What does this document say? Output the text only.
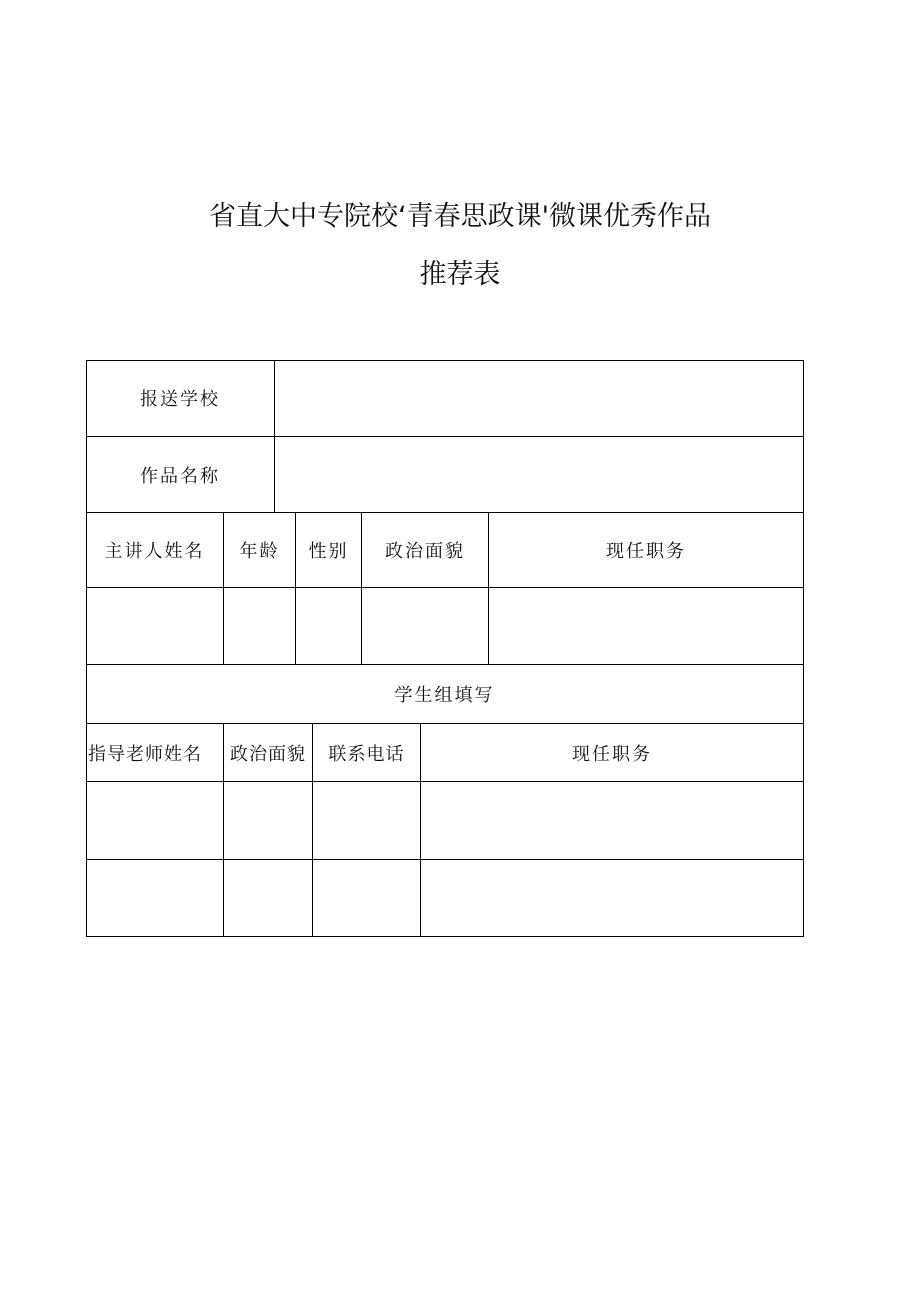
省直大中专院校‘青春思政课'微课优秀作品
推荐表
报送学校
作品名称
主讲人姓名	年龄	性别	政治面貌	现任职务
学生组填写
指导老师姓名	政治面貌	联系电话	现任职务
